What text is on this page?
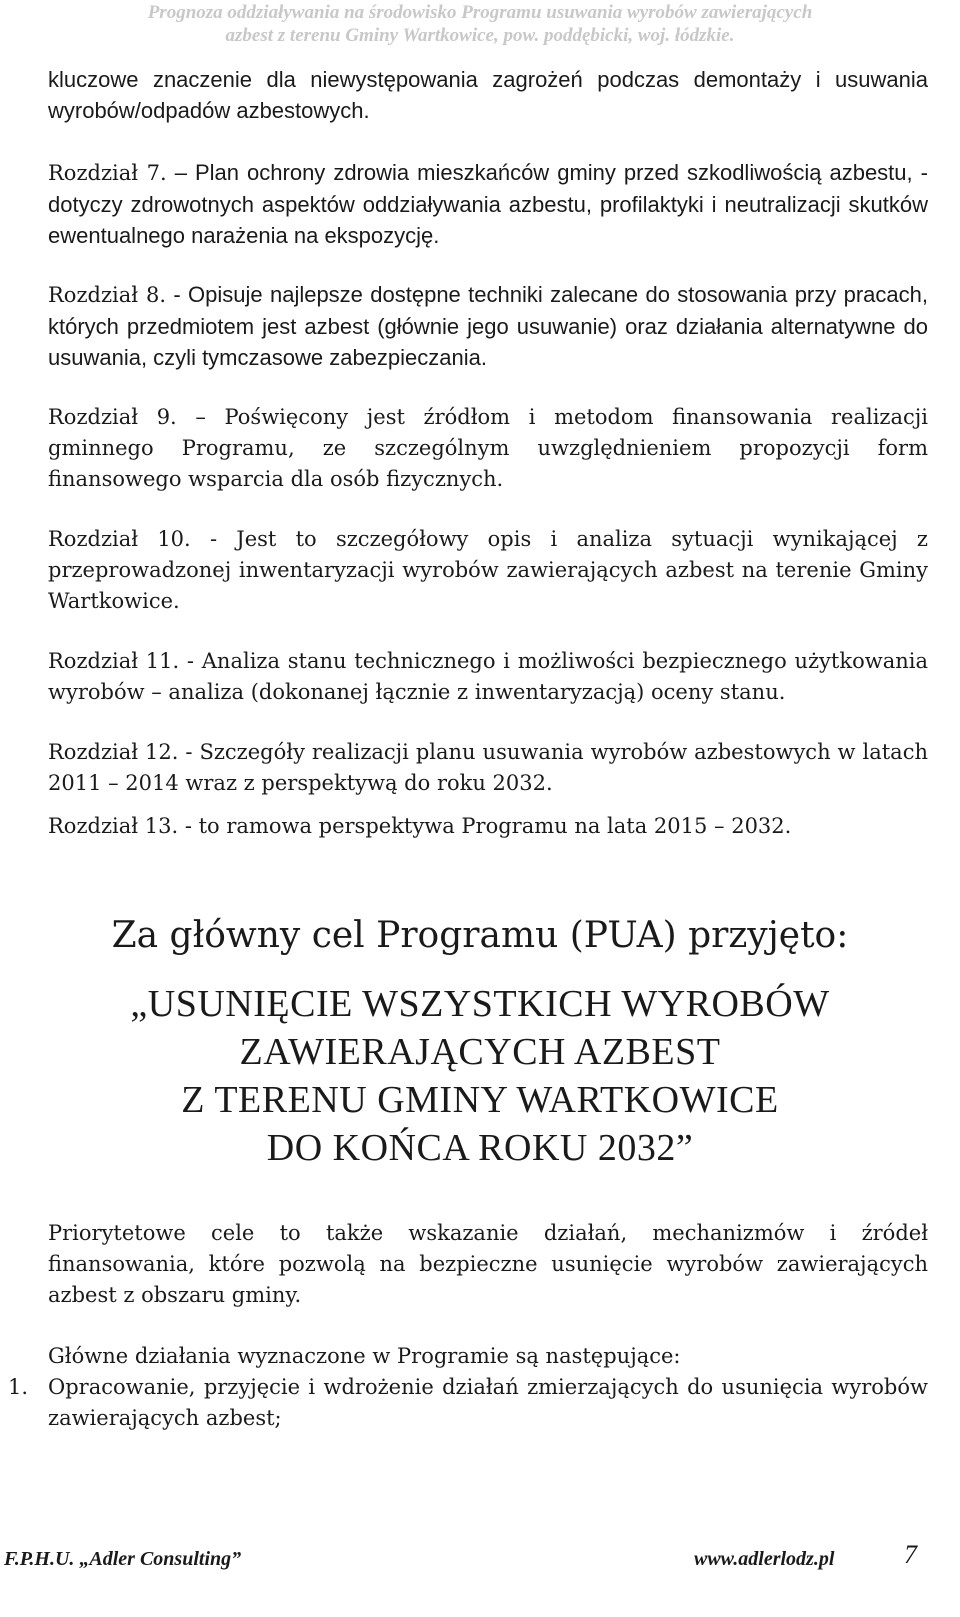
Prognoza oddziaływania na środowisko Programu usuwania wyrobów zawierających
azbest z terenu Gminy Wartkowice, pow. poddębicki, woj. łódzkie.

kluczowe znaczenie dla niewystępowania zagrożeń podczas demontaży i usuwania wyrobów/odpadów azbestowych.

Rozdział 7. – Plan ochrony zdrowia mieszkańców gminy przed szkodliwością azbestu, - dotyczy zdrowotnych aspektów oddziaływania azbestu, profilaktyki i neutralizacji skutków ewentualnego narażenia na ekspozycję.

Rozdział 8. - Opisuje najlepsze dostępne techniki zalecane do stosowania przy pracach, których przedmiotem jest azbest (głównie jego usuwanie) oraz działania alternatywne do usuwania, czyli tymczasowe zabezpieczania.

Rozdział 9. – Poświęcony jest źródłom i metodom finansowania realizacji gminnego Programu, ze szczególnym uwzględnieniem propozycji form finansowego wsparcia dla osób fizycznych.

Rozdział 10. - Jest to szczegółowy opis i analiza sytuacji wynikającej z przeprowadzonej inwentaryzacji wyrobów zawierających azbest na terenie Gminy Wartkowice.

Rozdział 11. - Analiza stanu technicznego i możliwości bezpiecznego użytkowania wyrobów – analiza (dokonanej łącznie z inwentaryzacją) oceny stanu.

Rozdział 12. - Szczegóły realizacji planu usuwania wyrobów azbestowych w latach 2011 – 2014 wraz z perspektywą do roku 2032.

Rozdział 13. - to ramowa perspektywa Programu na lata 2015 – 2032.

Za główny cel Programu (PUA) przyjęto:
„USUNIĘCIE WSZYSTKICH WYROBÓW
ZAWIERAJĄCYCH AZBEST
Z TERENU GMINY WARTKOWICE
DO KOŃCA ROKU 2032”

Priorytetowe cele to także wskazanie działań, mechanizmów i źródeł finansowania, które pozwolą na bezpieczne usunięcie wyrobów zawierających azbest z obszaru gminy.

Główne działania wyznaczone w Programie są następujące:

1. Opracowanie, przyjęcie i wdrożenie działań zmierzających do usunięcia wyrobów zawierających azbest;
F.P.H.U. „Adler Consulting”	www.adlerlodz.pl	7
